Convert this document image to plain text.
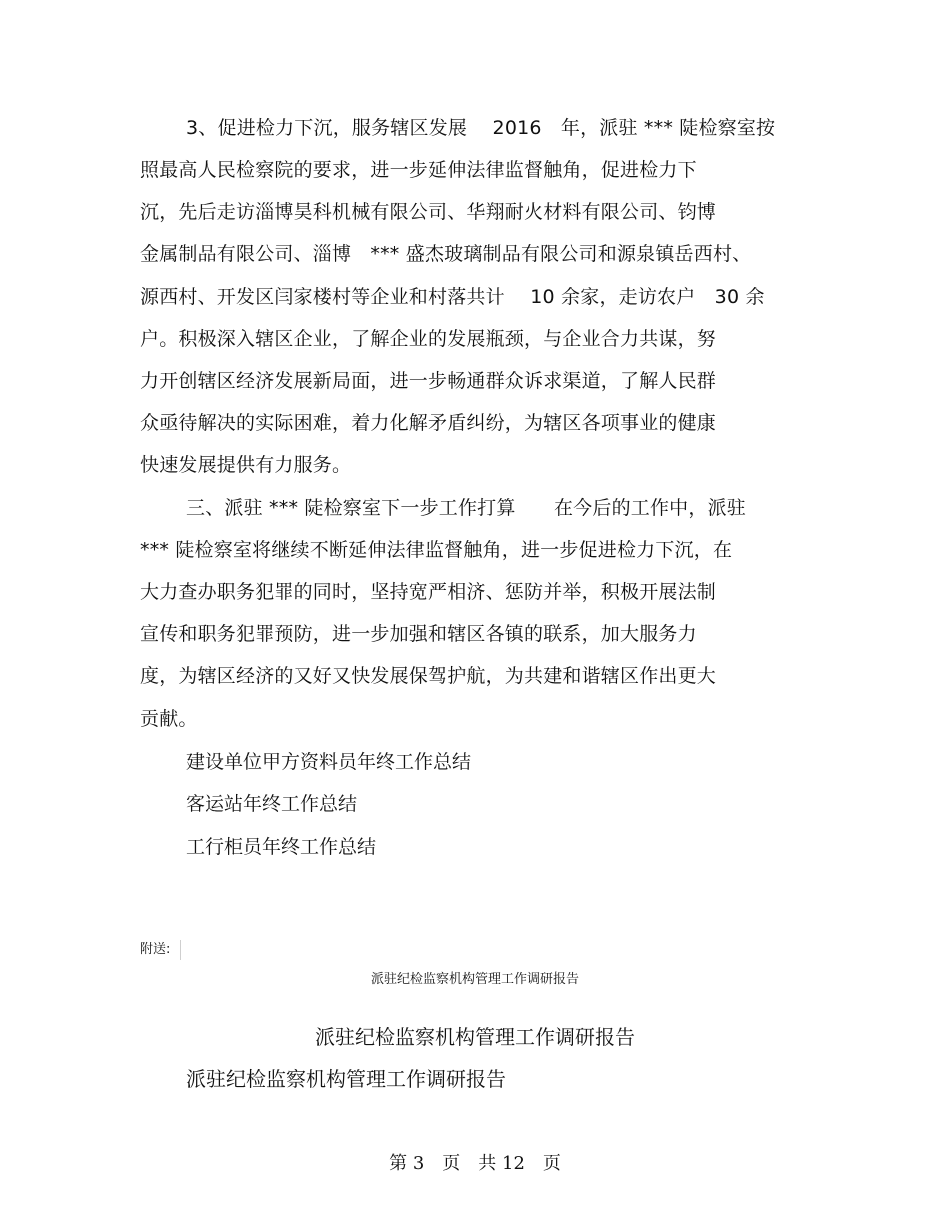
3、促进检力下沉，服务辖区发展　 2016　年，派驻 *** 陡检察室按
照最高人民检察院的要求，进一步延伸法律监督触角，促进检力下
沉，先后走访淄博昊科机械有限公司、华翔耐火材料有限公司、钧博
金属制品有限公司、淄博　*** 盛杰玻璃制品有限公司和源泉镇岳西村、
源西村、开发区闫家楼村等企业和村落共计　 10 余家，走访农户　30 余
户。积极深入辖区企业，了解企业的发展瓶颈，与企业合力共谋，努
力开创辖区经济发展新局面，进一步畅通群众诉求渠道，了解人民群
众亟待解决的实际困难，着力化解矛盾纠纷，为辖区各项事业的健康
快速发展提供有力服务。
三、派驻 *** 陡检察室下一步工作打算　　在今后的工作中，派驻
*** 陡检察室将继续不断延伸法律监督触角，进一步促进检力下沉，在
大力查办职务犯罪的同时，坚持宽严相济、惩防并举，积极开展法制
宣传和职务犯罪预防，进一步加强和辖区各镇的联系，加大服务力
度，为辖区经济的又好又快发展保驾护航，为共建和谐辖区作出更大
贡献。
建设单位甲方资料员年终工作总结
客运站年终工作总结
工行柜员年终工作总结
附送:
派驻纪检监察机构管理工作调研报告
派驻纪检监察机构管理工作调研报告
派驻纪检监察机构管理工作调研报告
第 3　页　共 12　页
